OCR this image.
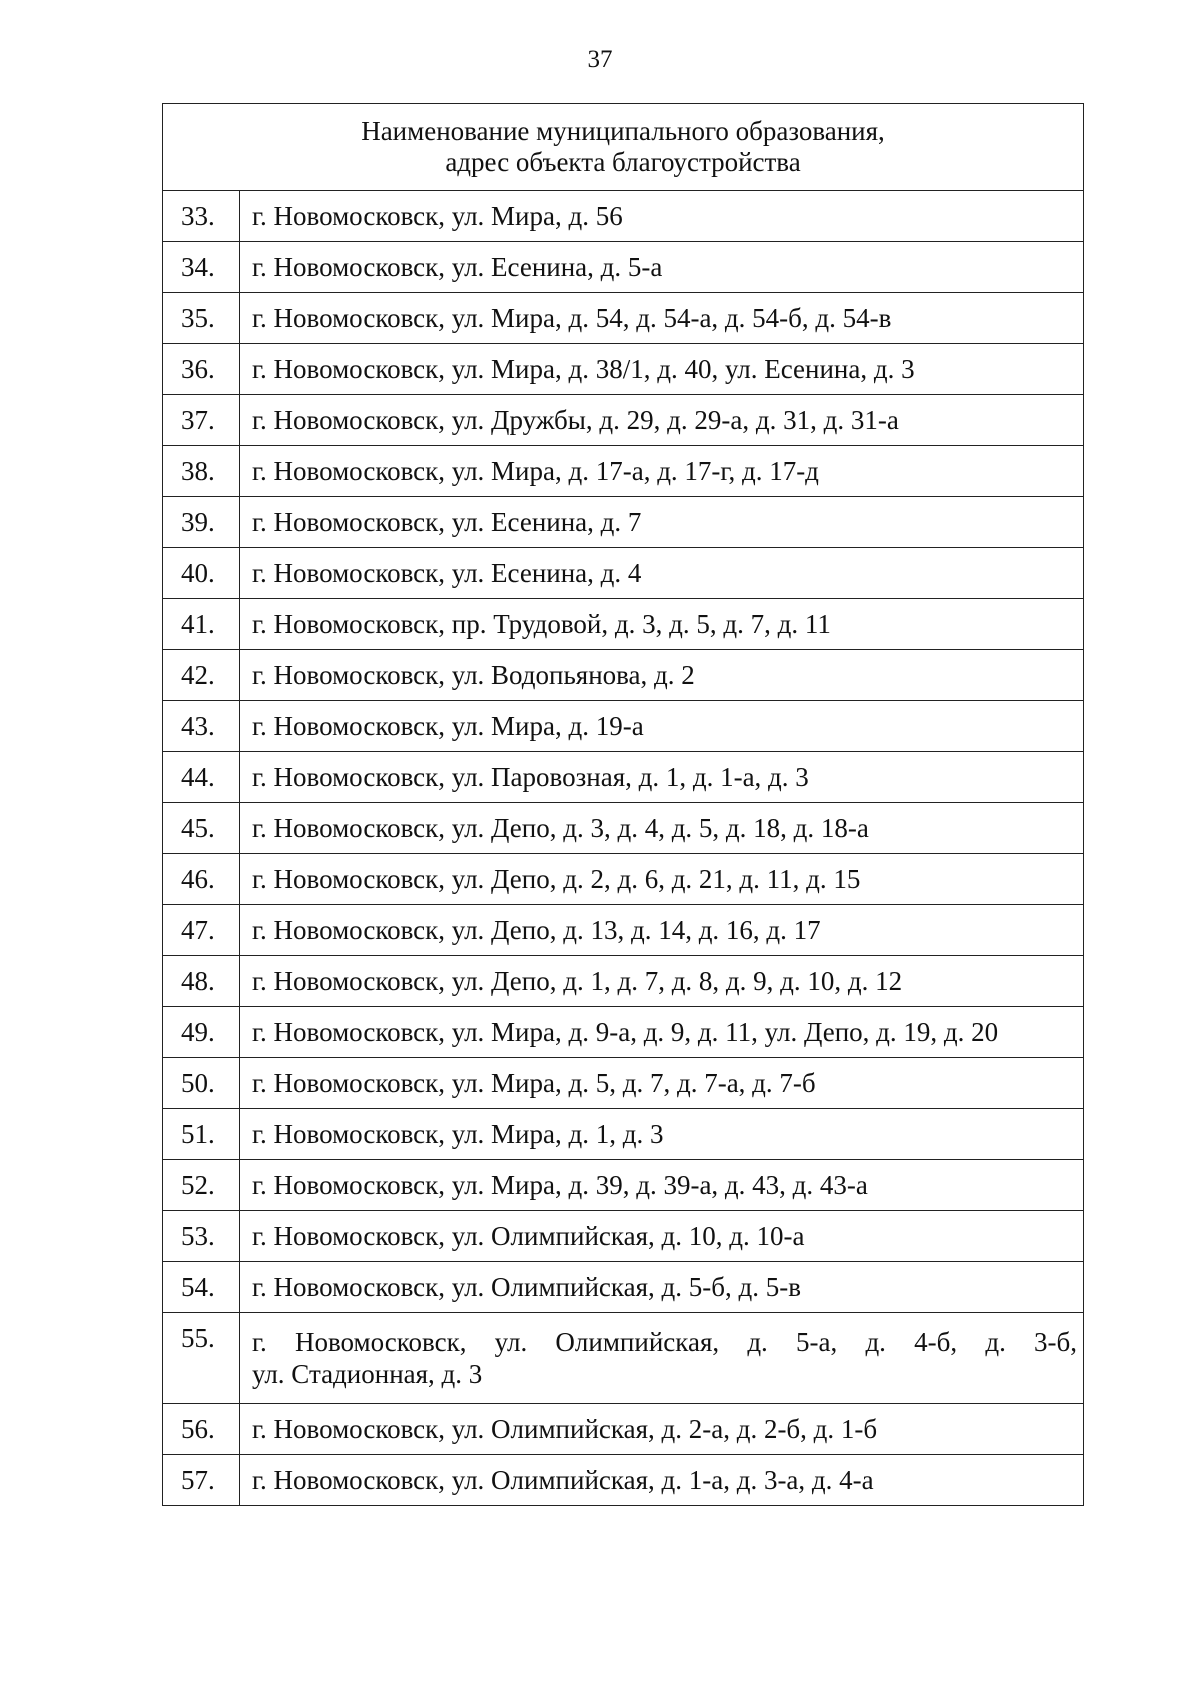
37
Наименование муниципального образования,
адрес объекта благоустройства	

33.	г. Новомосковск, ул. Мира, д. 56
34.	г. Новомосковск, ул. Есенина, д. 5-а
35.	г. Новомосковск, ул. Мира, д. 54, д. 54-а, д. 54-б, д. 54-в
36.	г. Новомосковск, ул. Мира, д. 38/1, д. 40, ул. Есенина, д. 3
37.	г. Новомосковск, ул. Дружбы, д. 29, д. 29-а, д. 31, д. 31-а
38.	г. Новомосковск, ул. Мира, д. 17-а, д. 17-г, д. 17-д
39.	г. Новомосковск, ул. Есенина, д. 7
40.	г. Новомосковск, ул. Есенина, д. 4
41.	г. Новомосковск, пр. Трудовой, д. 3, д. 5, д. 7, д. 11
42.	г. Новомосковск, ул. Водопьянова, д. 2
43.	г. Новомосковск, ул. Мира, д. 19-а
44.	г. Новомосковск, ул. Паровозная, д. 1, д. 1-а, д. 3
45.	г. Новомосковск, ул. Депо, д. 3, д. 4, д. 5, д. 18, д. 18-а
46.	г. Новомосковск, ул. Депо, д. 2, д. 6, д. 21, д. 11, д. 15
47.	г. Новомосковск, ул. Депо, д. 13, д. 14, д. 16, д. 17
48.	г. Новомосковск, ул. Депо, д. 1, д. 7, д. 8, д. 9, д. 10, д. 12
49.	г. Новомосковск, ул. Мира, д. 9-а, д. 9, д. 11, ул. Депо, д. 19, д. 20
50.	г. Новомосковск, ул. Мира, д. 5, д. 7, д. 7-а, д. 7-б
51.	г. Новомосковск, ул. Мира, д. 1, д. 3
52.	г. Новомосковск, ул. Мира, д. 39, д. 39-а, д. 43, д. 43-а
53.	г. Новомосковск, ул. Олимпийская, д. 10, д. 10-а
54.	г. Новомосковск, ул. Олимпийская, д. 5-б, д. 5-в
55.	г. Новомосковск, ул. Олимпийская, д. 5-а, д. 4-б, д. 3-б,
ул. Стадионная, д. 3
56.	г. Новомосковск, ул. Олимпийская, д. 2-а, д. 2-б, д. 1-б
57.	г. Новомосковск, ул. Олимпийская, д. 1-а, д. 3-а, д. 4-а
